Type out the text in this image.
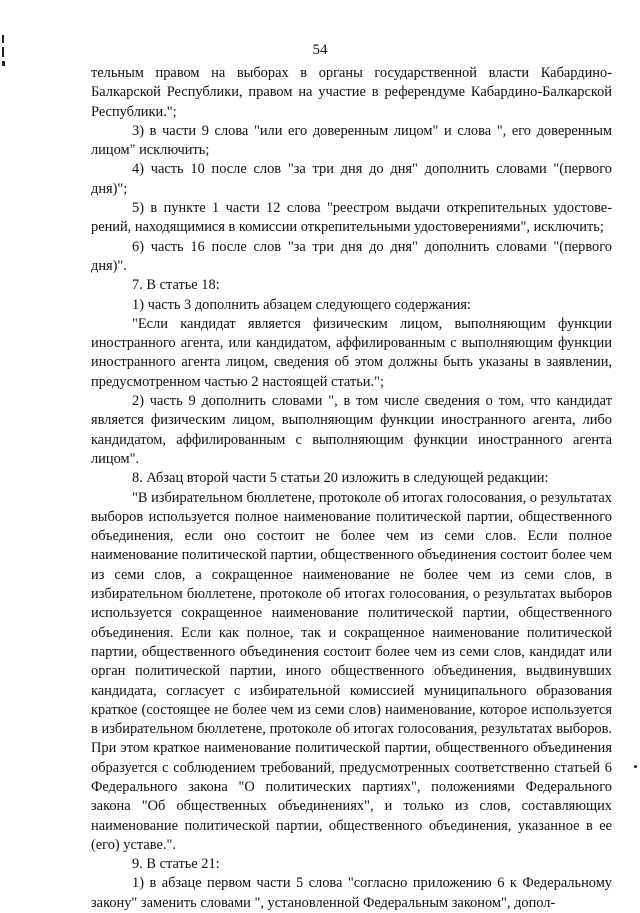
54

тельным правом на выборах в органы государственной власти Кабардино-Балкарской Республики, правом на участие в референдуме Кабардино-Балкарской Республики.";

3) в части 9 слова "или его доверенным лицом" и слова ", его доверенным лицом" исключить;

4) часть 10 после слов "за три дня до дня" дополнить словами "(первого дня)";

5) в пункте 1 части 12 слова "реестром выдачи открепительных удостоверений, находящимися в комиссии открепительными удостоверениями", исключить;

6) часть 16 после слов "за три дня до дня" дополнить словами "(первого дня)".

7. В статье 18:

1) часть 3 дополнить абзацем следующего содержания:

"Если кандидат является физическим лицом, выполняющим функции иностранного агента, или кандидатом, аффилированным с выполняющим функции иностранного агента лицом, сведения об этом должны быть указаны в заявлении, предусмотренном частью 2 настоящей статьи.";

2) часть 9 дополнить словами ", в том числе сведения о том, что кандидат является физическим лицом, выполняющим функции иностранного агента, либо кандидатом, аффилированным с выполняющим функции иностранного агента лицом".

8. Абзац второй части 5 статьи 20 изложить в следующей редакции:

"В избирательном бюллетене, протоколе об итогах голосования, о результатах выборов используется полное наименование политической партии, общественного объединения, если оно состоит не более чем из семи слов. Если полное наименование политической партии, общественного объединения состоит более чем из семи слов, а сокращенное наименование не более чем из семи слов, в избирательном бюллетене, протоколе об итогах голосования, о результатах выборов используется сокращенное наименование политической партии, общественного объединения. Если как полное, так и сокращенное наименование политической партии, общественного объединения состоит более чем из семи слов, кандидат или орган политической партии, иного общественного объединения, выдвинувших кандидата, согласует с избирательной комиссией муниципального образования краткое (состоящее не более чем из семи слов) наименование, которое используется в избирательном бюллетене, протоколе об итогах голосования, результатах выборов. При этом краткое наименование политической партии, общественного объединения образуется с соблюдением требований, предусмотренных соответственно статьей 6 Федерального закона "О политических партиях", положениями Федерального закона "Об общественных объединениях", и только из слов, составляющих наименование политической партии, общественного объединения, указанное в ее (его) уставе.".

9. В статье 21:

1) в абзаце первом части 5 слова "согласно приложению 6 к Федеральному закону" заменить словами ", установленной Федеральным законом", допол-
